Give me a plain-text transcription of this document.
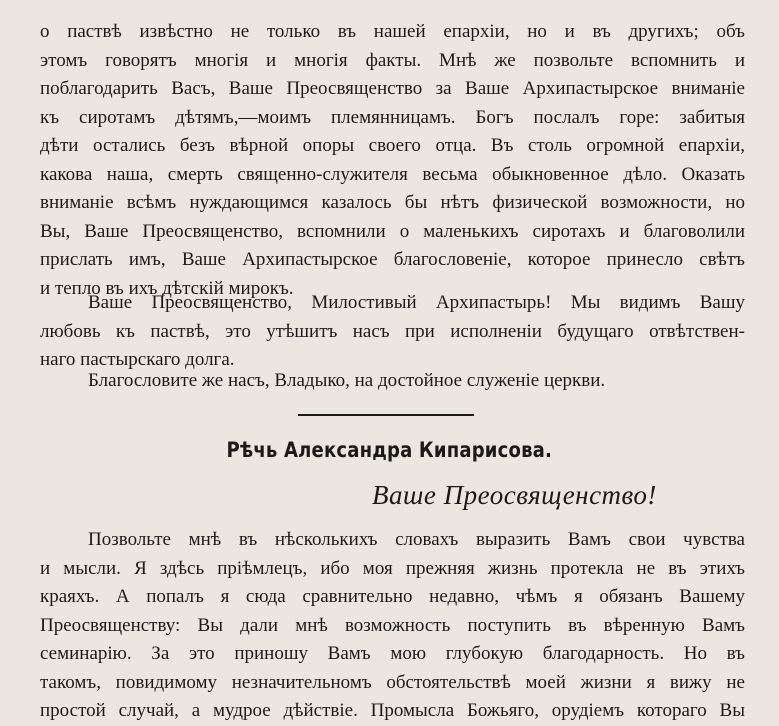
о паствѣ извѣстно не только въ нашей епархіи, но и въ другихъ; объ
этомъ говорятъ многія и многія факты. Мнѣ же позвольте вспомнить и
поблагодарить Васъ, Ваше Преосвященство за Ваше Архипастырское вниманіе
къ сиротамъ дѣтямъ,—моимъ племянницамъ. Богъ послалъ горе: забитыя
дѣти остались безъ вѣрной опоры своего отца. Въ столь огромной епархіи,
какова наша, смерть священно-служителя весьма обыкновенное дѣло. Оказать
вниманіе всѣмъ нуждающимся казалось бы нѣтъ физической возможности, но
Вы, Ваше Преосвященство, вспомнили о маленькихъ сиротахъ и благоволили
прислать имъ, Ваше Архипастырское благословеніе, которое принесло свѣтъ
и тепло въ ихъ дѣтскій мирокъ.
Ваше Преосвященство, Милостивый Архипастырь! Мы видимъ Вашу
любовь къ паствѣ, это утѣшитъ насъ при исполненіи будущаго отвѣтствен-
наго пастырскаго долга.
Благословите же насъ, Владыко, на достойное служеніе церкви.
Рѣчь Александра Кипарисова.
Ваше Преосвященство!
Позвольте мнѣ въ нѣсколькихъ словахъ выразить Вамъ свои чувства
и мысли. Я здѣсь пріѣмлецъ, ибо моя прежняя жизнь протекла не въ этихъ
краяхъ. А попалъ я сюда сравнительно недавно, чѣмъ я обязанъ Вашему
Преосвященству: Вы дали мнѣ возможность поступить въ вѣренную Вамъ
семинарію. За это приношу Вамъ мою глубокую благодарность. Но въ
такомъ, повидимому незначительномъ обстоятельствѣ моей жизни я вижу не
простой случай, а мудрое дѣйствіе. Промысла Божьяго, орудіемъ котораго Вы
